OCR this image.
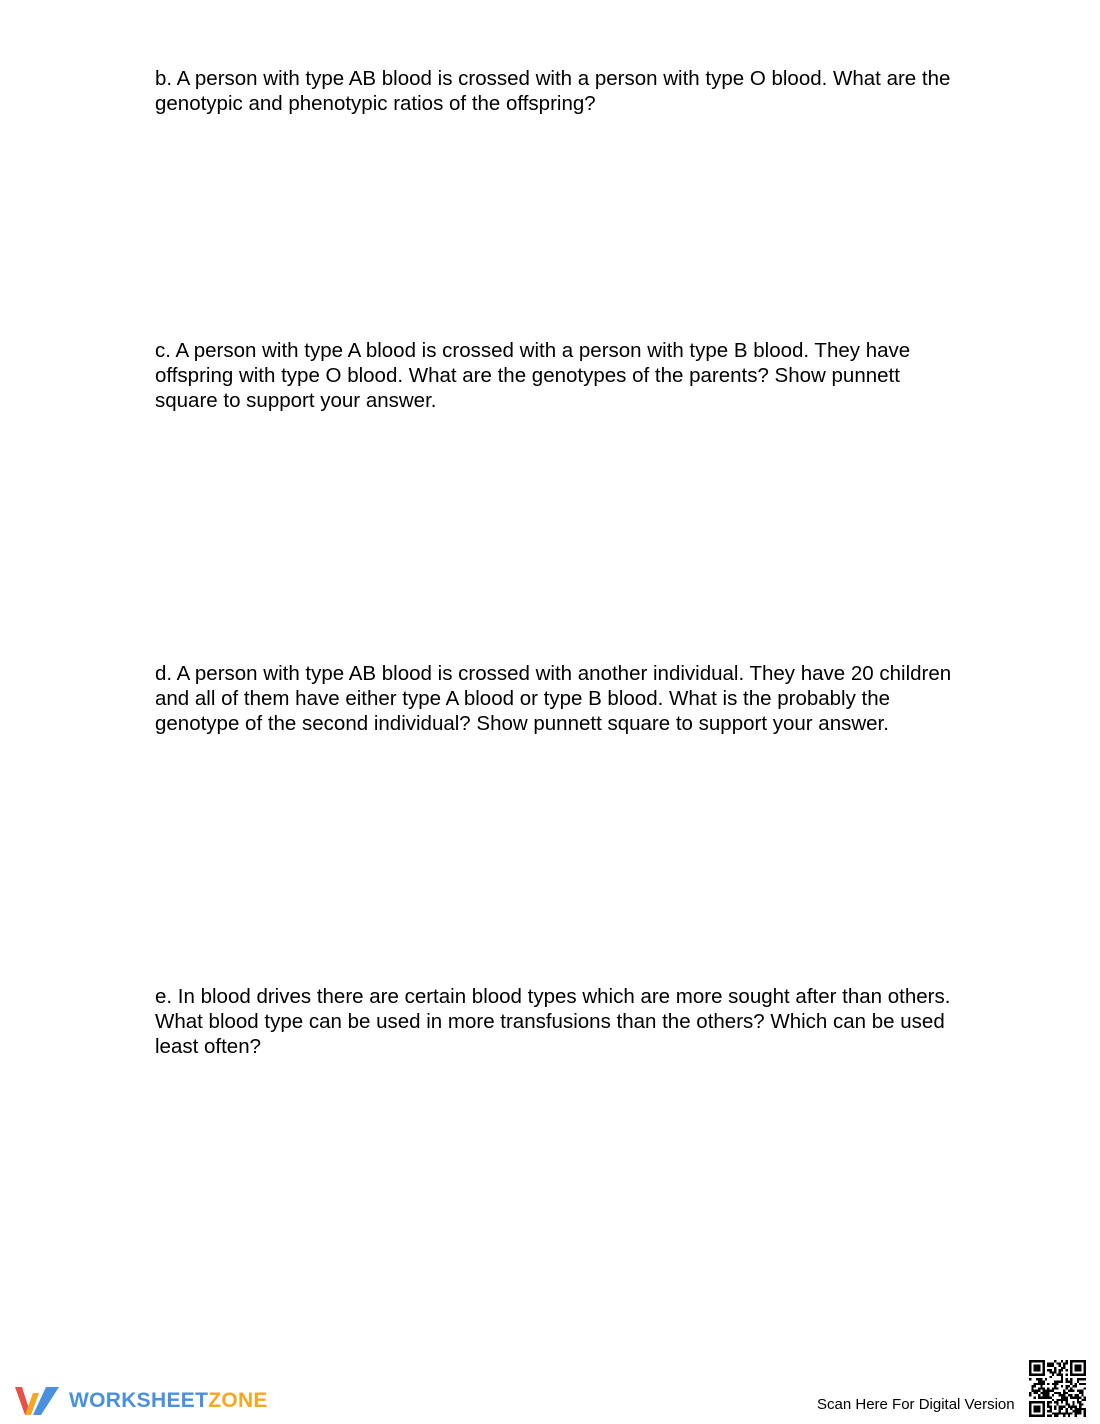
b. A person with type AB blood is crossed with a person with type O blood. What are the
genotypic and phenotypic ratios of the offspring?

c. A person with type A blood is crossed with a person with type B blood. They have
offspring with type O blood. What are the genotypes of the parents? Show punnett
square to support your answer.

d. A person with type AB blood is crossed with another individual. They have 20 children
and all of them have either type A blood or type B blood. What is the probably the
genotype of the second individual? Show punnett square to support your answer.

e. In blood drives there are certain blood types which are more sought after than others.
What blood type can be used in more transfusions than the others? Which can be used
least often?

WORKSHEETZONE	Scan Here For Digital Version
